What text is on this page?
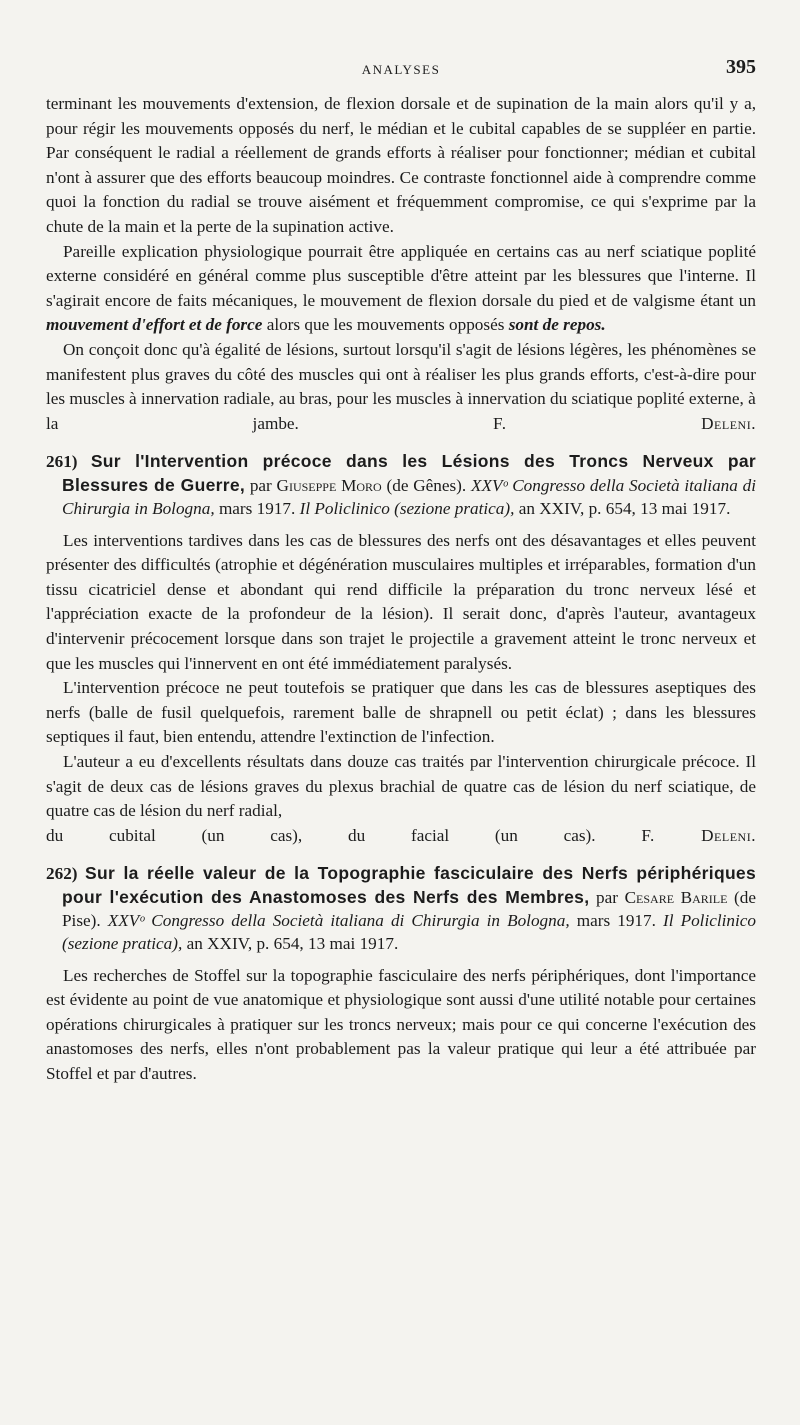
ANALYSES	395

terminant les mouvements d'extension, de flexion dorsale et de supination de la main alors qu'il y a, pour régir les mouvements opposés du nerf, le médian et le cubital capables de se suppléer en partie. Par conséquent le radial a réellement de grands efforts à réaliser pour fonctionner; médian et cubital n'ont à assurer que des efforts beaucoup moindres. Ce contraste fonctionnel aide à comprendre comme quoi la fonction du radial se trouve aisément et fréquemment compromise, ce qui s'exprime par la chute de la main et la perte de la supination active.

Pareille explication physiologique pourrait être appliquée en certains cas au nerf sciatique poplité externe considéré en général comme plus susceptible d'être atteint par les blessures que l'interne. Il s'agirait encore de faits mécaniques, le mouvement de flexion dorsale du pied et de valgisme étant un mouvement d'effort et de force alors que les mouvements opposés sont de repos.

On conçoit donc qu'à égalité de lésions, surtout lorsqu'il s'agit de lésions légères, les phénomènes se manifestent plus graves du côté des muscles qui ont à réaliser les plus grands efforts, c'est-à-dire pour les muscles à innervation radiale, au bras, pour les muscles à innervation du sciatique poplité externe, à

la jambe.	F. Deleni.

261) Sur l'Intervention précoce dans les Lésions des Troncs Nerveux par Blessures de Guerre, par Giuseppe Moro (de Gênes). XXVᵒ Congresso della Società italiana di Chirurgia in Bologna, mars 1917. Il Policlinico (sezione pratica), an XXIV, p. 654, 13 mai 1917.

Les interventions tardives dans les cas de blessures des nerfs ont des désavantages et elles peuvent présenter des difficultés (atrophie et dégénération musculaires multiples et irréparables, formation d'un tissu cicatriciel dense et abondant qui rend difficile la préparation du tronc nerveux lésé et l'appréciation exacte de la profondeur de la lésion). Il serait donc, d'après l'auteur, avantageux d'intervenir précocement lorsque dans son trajet le projectile a gravement atteint le tronc nerveux et que les muscles qui l'innervent en ont été immédiatement paralysés.

L'intervention précoce ne peut toutefois se pratiquer que dans les cas de blessures aseptiques des nerfs (balle de fusil quelquefois, rarement balle de shrapnell ou petit éclat) ; dans les blessures septiques il faut, bien entendu, attendre l'extinction de l'infection.

L'auteur a eu d'excellents résultats dans douze cas traités par l'intervention chirurgicale précoce. Il s'agit de deux cas de lésions graves du plexus brachial de quatre cas de lésion du nerf sciatique, de quatre cas de lésion du nerf radial,

du cubital (un cas), du facial (un cas).	F. Deleni.

262) Sur la réelle valeur de la Topographie fasciculaire des Nerfs périphériques pour l'exécution des Anastomoses des Nerfs des Membres, par Cesare Barile (de Pise). XXVᵒ Congresso della Società italiana di Chirurgia in Bologna, mars 1917. Il Policlinico (sezione pratica), an XXIV, p. 654, 13 mai 1917.

Les recherches de Stoffel sur la topographie fasciculaire des nerfs périphériques, dont l'importance est évidente au point de vue anatomique et physiologique sont aussi d'une utilité notable pour certaines opérations chirurgicales à pratiquer sur les troncs nerveux; mais pour ce qui concerne l'exécution des anastomoses des nerfs, elles n'ont probablement pas la valeur pratique qui leur a été attribuée par Stoffel et par d'autres.
